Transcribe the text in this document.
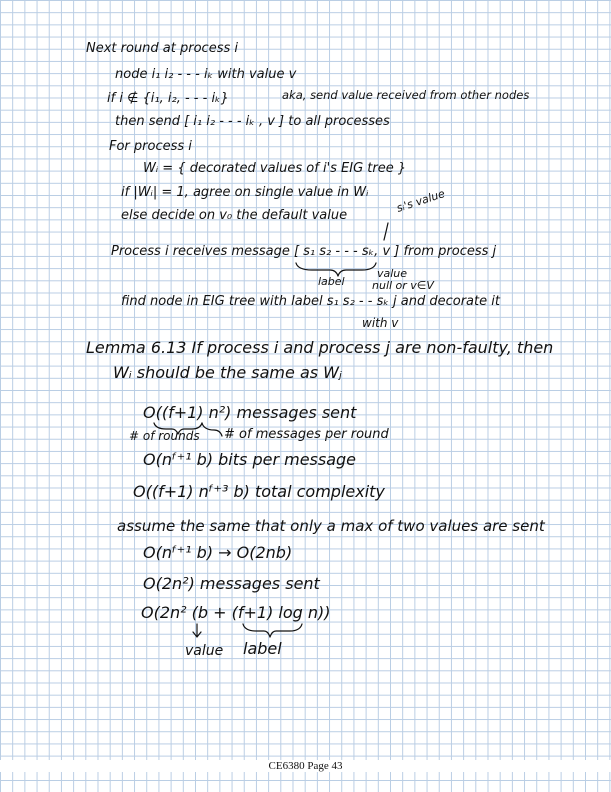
Next round at process i
node i₁ i₂ - - - iₖ with value v
if i ∉ {i₁, i₂, - - - iₖ}	aka, send value received from other nodes
then send [ i₁ i₂ - - - iₖ , v ] to all processes
For process i
Wᵢ = { decorated values of i's EIG tree }
if |Wᵢ| = 1, agree on single value in Wᵢ
else decide on v₀ the default value
sᵢ's value
Process i receives message [ s₁ s₂ - - - sₖ, v ] from process j
label
value
null or v∈V
find node in EIG tree with label s₁ s₂ - - sₖ j and decorate it
with v
Lemma 6.13 If process i and process j are non-faulty, then
Wᵢ should be the same as Wⱼ
O((f+1) n²) messages sent
# of rounds # of messages per round
O(nᶠ⁺¹ b) bits per message
O((f+1) nᶠ⁺³ b) total complexity
assume the same that only a max of two values are sent
O(nᶠ⁺¹ b) → O(2nb)
O(2n²) messages sent
O(2n² (b + (f+1) log n))
value label
CE6380 Page 43
